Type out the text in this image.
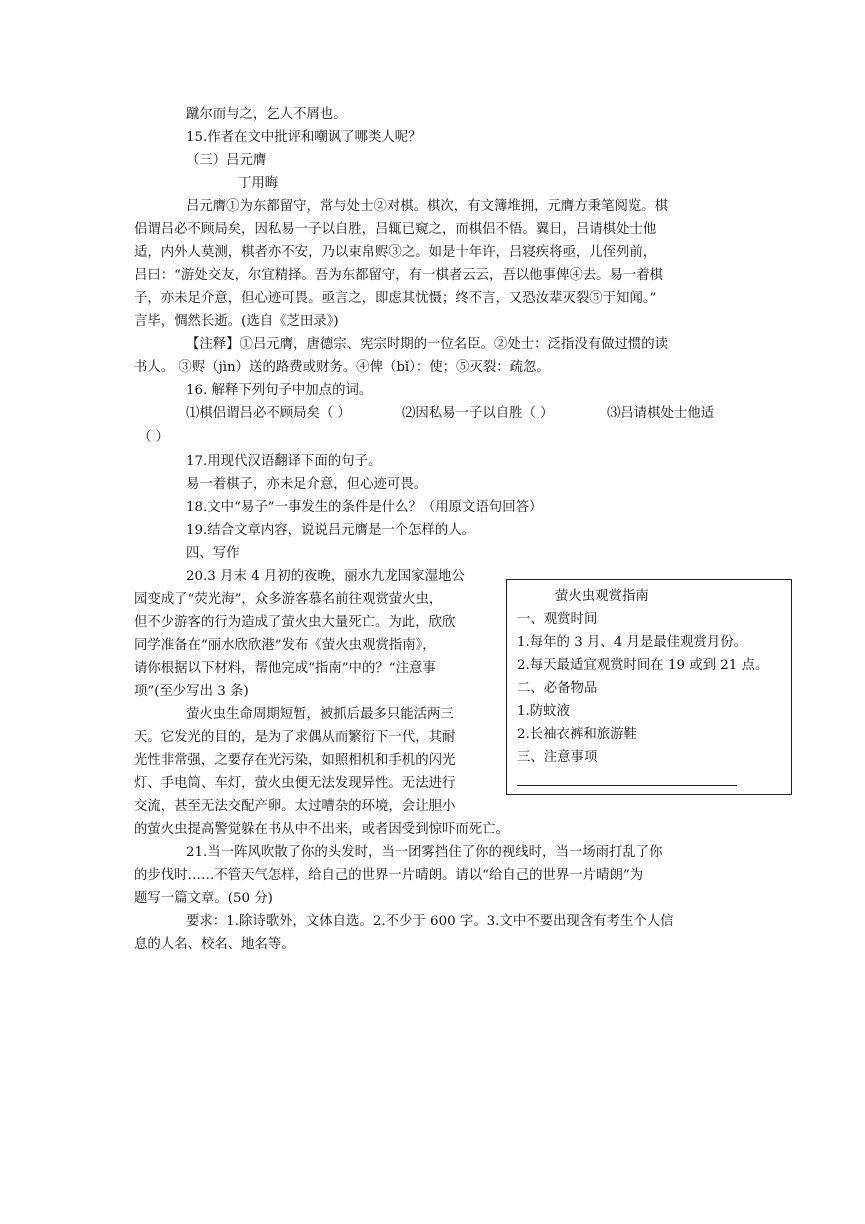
蹴尔而与之，乞人不屑也。
15.作者在文中批评和嘲讽了哪类人呢？
（三）吕元膺
丁用晦
吕元膺①为东都留守，常与处士②对棋。棋次，有文簿堆拥，元膺方秉笔阅览。棋
侣谓吕必不顾局矣，因私易一子以自胜，吕辄已窥之，而棋侣不悟。翼日，吕请棋处士他
适，内外人莫测，棋者亦不安，乃以束帛赆③之。如是十年许，吕寝疾将亟，儿侄列前，
吕曰：“游处交友，尔宜精择。吾为东都留守，有一棋者云云，吾以他事俾④去。易一着棋
子，亦未足介意，但心迹可畏。亟言之，即虑其忧慑；终不言，又恐汝辈灭裂⑤于知闻。”
言毕，惆然长逝。(选自《芝田录》)
【注释】①吕元膺，唐德宗、宪宗时期的一位名臣。②处士：泛指没有做过惯的读
书人。 ③赆（jìn）送的路费或财务。④俾（bǐ）：使；⑤灭裂：疏忽。
16. 解释下列句子中加点的词。
⑴棋侣谓吕必不顾局矣（ ）	⑵因私易一子以自胜（ ）	⑶吕请棋处士他适
（ ）
17.用现代汉语翻译下面的句子。
易一着棋子，亦未足介意，但心迹可畏。
18.文中“易子”一事发生的条件是什么？（用原文语句回答）
19.结合文章内容，说说吕元膺是一个怎样的人。
四、写作
20.3 月末 4 月初的夜晚，丽水九龙国家湿地公
园变成了“荧光海”，众多游客慕名前往观赏萤火虫，
但不少游客的行为造成了萤火虫大量死亡。为此，欣欣
同学准备在“丽水欣欣港”发布《萤火虫观赏指南》，
请你根据以下材料，帮他完成“指南”中的？“注意事
项”(至少写出 3 条)
萤火虫生命周期短暂，被抓后最多只能活两三
天。它发光的目的，是为了求偶从而繁衍下一代，其耐
光性非常强，之要存在光污染，如照相机和手机的闪光
灯、手电筒、车灯，萤火虫便无法发现异性。无法进行
交流，甚至无法交配产卵。太过嘈杂的环境，会让胆小
的萤火虫提高警觉躲在书从中不出来，或者因受到惊吓而死亡。
21.当一阵风吹散了你的头发时，当一团雾挡住了你的视线时，当一场雨打乱了你
的步伐时……不管天气怎样，给自己的世界一片晴朗。请以“给自己的世界一片晴朗”为
题写一篇文章。(50 分)
要求：1.除诗歌外，文体自选。2.不少于 600 字。3.文中不要出现含有考生个人信
息的人名、校名、地名等。
萤火虫观赏指南
一、观赏时间
1.每年的 3 月、4 月是最佳观赏月份。
2.每天最适宜观赏时间在 19 或到 21 点。
二、必备物品
1.防蚊液
2.长袖衣裤和旅游鞋
三、注意事项
